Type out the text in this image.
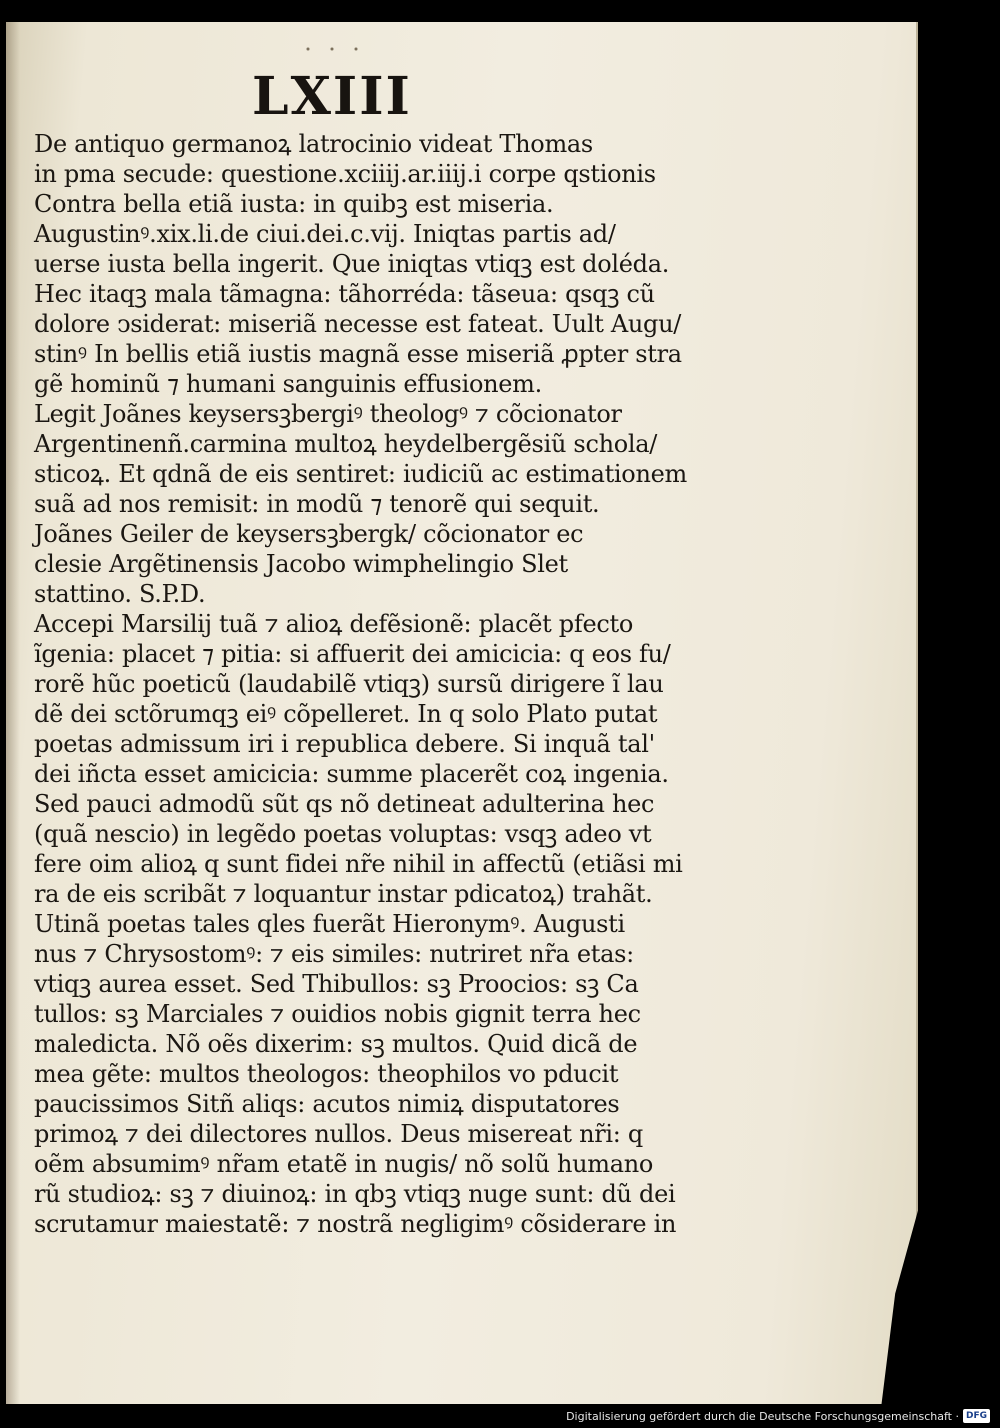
LXIII
De antiquo germanoꝝ latrocinio videat Thomas
in pma secude: questione.xciiij.ar.iiij.i corpe qstionis
Contra bella etiã iusta: in quibꝫ est miseria.
Augustinꝰ.xix.li.de ciui.dei.c.vij. Iniqtas partis ad/
uerse iusta bella ingerit. Que iniqtas vtiqꝫ est doléda.
Hec itaqꝫ mala tãmagna: tãhorréda: tãseua: qsqꝫ cũ
dolore ↄsiderat: miseriã necesse est fateat. Uult Augu/
stinꝰ In bellis etiã iustis magnã esse miseriã ꝓpter stra
gẽ hominũ ⁊ humani sanguinis effusionem.
Legit Joãnes keysersꝫbergiꝰ theologꝰ ⁊ cõcionator
Argentinenñ.carmina multoꝝ heydelbergẽsiũ schola/
sticoꝝ. Et qdnã de eis sentiret: iudiciũ ac estimationem
suã ad nos remisit: in modũ ⁊ tenorẽ qui sequit.
Joãnes Geiler de keysersꝫbergk/ cõcionator ec
clesie Argẽtinensis Jacobo wimphelingio Slet
stattino. S.P.D.
Accepi Marsilij tuã ⁊ alioꝝ defẽsionẽ: placẽt pfecto
ĩgenia: placet ⁊ pitia: si affuerit dei amicicia: q eos fu/
rorẽ hũc poeticũ (laudabilẽ vtiqꝫ) sursũ dirigere ĩ lau
dẽ dei sctõrumqꝫ eiꝰ cõpelleret. In q solo Plato putat
poetas admissum iri i republica debere. Si inquã tal'
dei iñcta esset amicicia: summe placerẽt coꝝ ingenia.
Sed pauci admodũ sũt qs nõ detineat adulterina hec
(quã nescio) in legẽdo poetas voluptas: vsqꝫ adeo vt
fere oim alioꝝ q sunt fidei nr̃e nihil in affectũ (etiãsi mi
ra de eis scribãt ⁊ loquantur instar pdicatoꝝ) trahãt.
Utinã poetas tales qles fuerãt Hieronymꝰ. Augusti
nus ⁊ Chrysostomꝰ: ⁊ eis similes: nutriret nr̃a etas:
vtiqꝫ aurea esset. Sed Thibullos: sꝫ Proocios: sꝫ Ca
tullos: sꝫ Marciales ⁊ ouidios nobis gignit terra hec
maledicta. Nõ oẽs dixerim: sꝫ multos. Quid dicã de
mea gẽte: multos theologos: theophilos vo pducit
paucissimos Sitñ aliqs: acutos nimiꝝ disputatores
primoꝝ ⁊ dei dilectores nullos. Deus misereat nr̃i: q
oẽm absumimꝰ nr̃am etatẽ in nugis/ nõ solũ humano
rũ studioꝝ: sꝫ ⁊ diuinoꝝ: in qbꝫ vtiqꝫ nuge sunt: dũ dei
scrutamur maiestatẽ: ⁊ nostrã negligimꝰ cõsiderare in
Digitalisierung gefördert durch die Deutsche Forschungsgemeinschaft · DFG
